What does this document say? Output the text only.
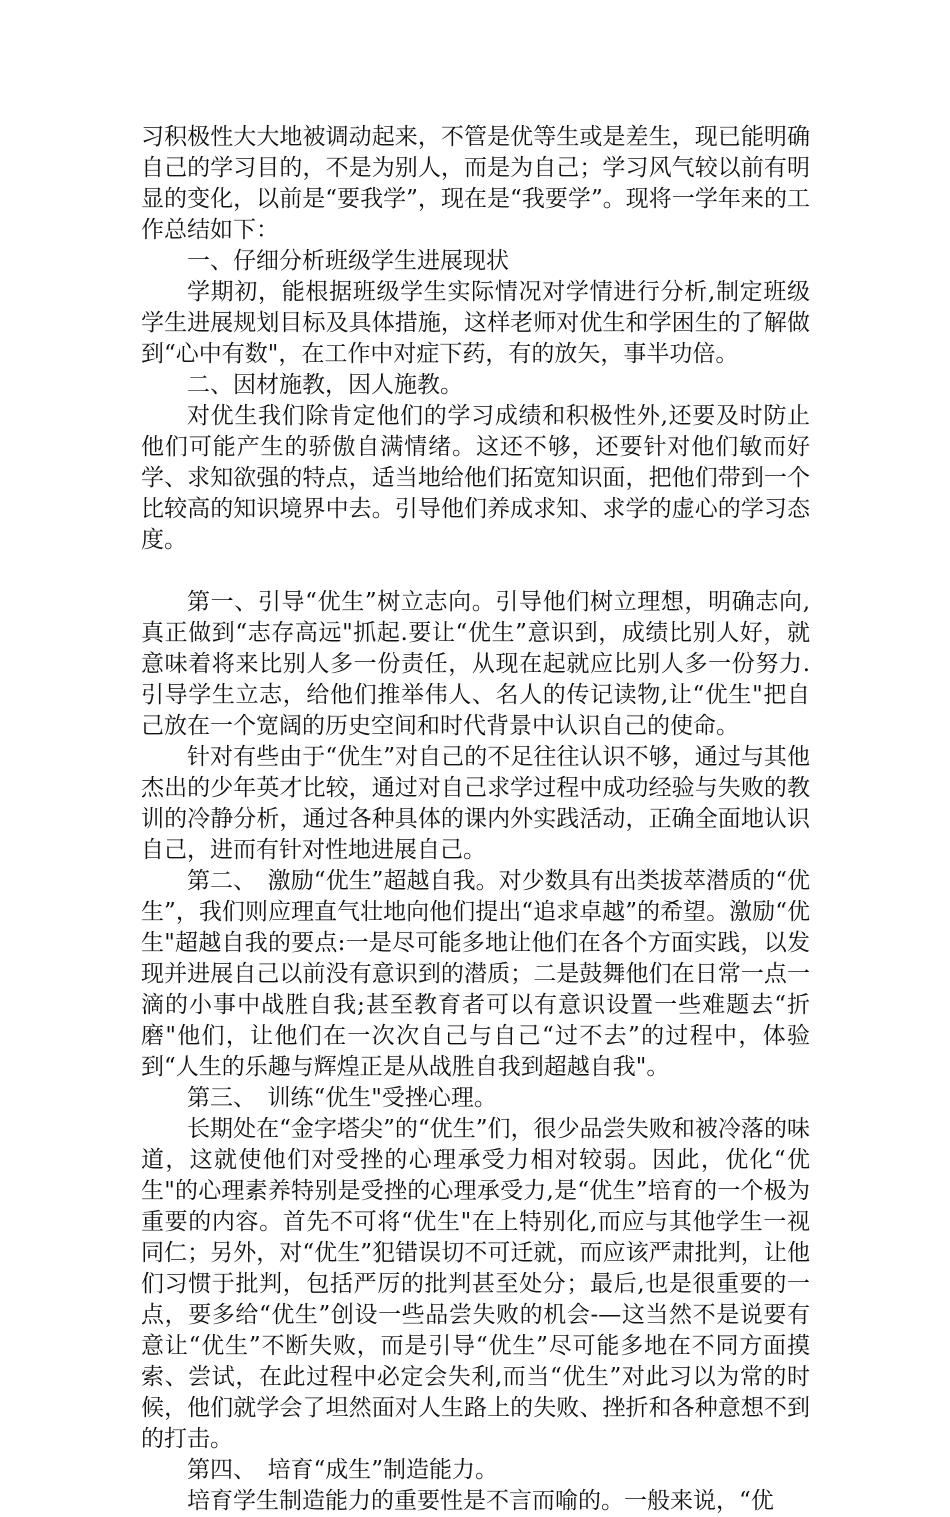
习积极性大大地被调动起来，不管是优等生或是差生，现已能明确自己的学习目的，不是为别人，而是为自己；学习风气较以前有明显的变化，以前是“要我学”，现在是“我要学”。现将一学年来的工作总结如下：

一、仔细分析班级学生进展现状

学期初，能根据班级学生实际情况对学情进行分析,制定班级学生进展规划目标及具体措施，这样老师对优生和学困生的了解做到“心中有数"，在工作中对症下药，有的放矢，事半功倍。

二、因材施教，因人施教。

对优生我们除肯定他们的学习成绩和积极性外,还要及时防止他们可能产生的骄傲自满情绪。这还不够，还要针对他们敏而好学、求知欲强的特点，适当地给他们拓宽知识面，把他们带到一个比较高的知识境界中去。引导他们养成求知、求学的虚心的学习态度。

第一、引导“优生”树立志向。引导他们树立理想，明确志向,真正做到“志存高远"抓起.要让“优生”意识到，成绩比别人好，就意味着将来比别人多一份责任，从现在起就应比别人多一份努力.引导学生立志，给他们推举伟人、名人的传记读物,让“优生"把自己放在一个宽阔的历史空间和时代背景中认识自己的使命。

针对有些由于“优生”对自己的不足往往认识不够，通过与其他杰出的少年英才比较，通过对自己求学过程中成功经验与失败的教训的冷静分析，通过各种具体的课内外实践活动，正确全面地认识自己，进而有针对性地进展自己。

第二、　激励“优生”超越自我。对少数具有出类拔萃潜质的“优生”，我们则应理直气壮地向他们提出“追求卓越”的希望。激励“优生"超越自我的要点:一是尽可能多地让他们在各个方面实践，以发现并进展自己以前没有意识到的潜质；二是鼓舞他们在日常一点一滴的小事中战胜自我;甚至教育者可以有意识设置一些难题去“折磨"他们，让他们在一次次自己与自己“过不去”的过程中，体验到“人生的乐趣与辉煌正是从战胜自我到超越自我"。

第三、　训练“优生"受挫心理。

长期处在“金字塔尖”的“优生”们，很少品尝失败和被冷落的味道，这就使他们对受挫的心理承受力相对较弱。因此，优化“优生"的心理素养特别是受挫的心理承受力,是“优生”培育的一个极为重要的内容。首先不可将“优生"在上特别化,而应与其他学生一视同仁；另外，对“优生”犯错误切不可迁就，而应该严肃批判，让他们习惯于批判，包括严厉的批判甚至处分；最后,也是很重要的一点，要多给“优生”创设一些品尝失败的机会-—这当然不是说要有意让“优生”不断失败，而是引导“优生”尽可能多地在不同方面摸索、尝试，在此过程中必定会失利,而当“优生”对此习以为常的时候，他们就学会了坦然面对人生路上的失败、挫折和各种意想不到的打击。

第四、　培育“成生”制造能力。

培育学生制造能力的重要性是不言而喻的。一般来说，“优
